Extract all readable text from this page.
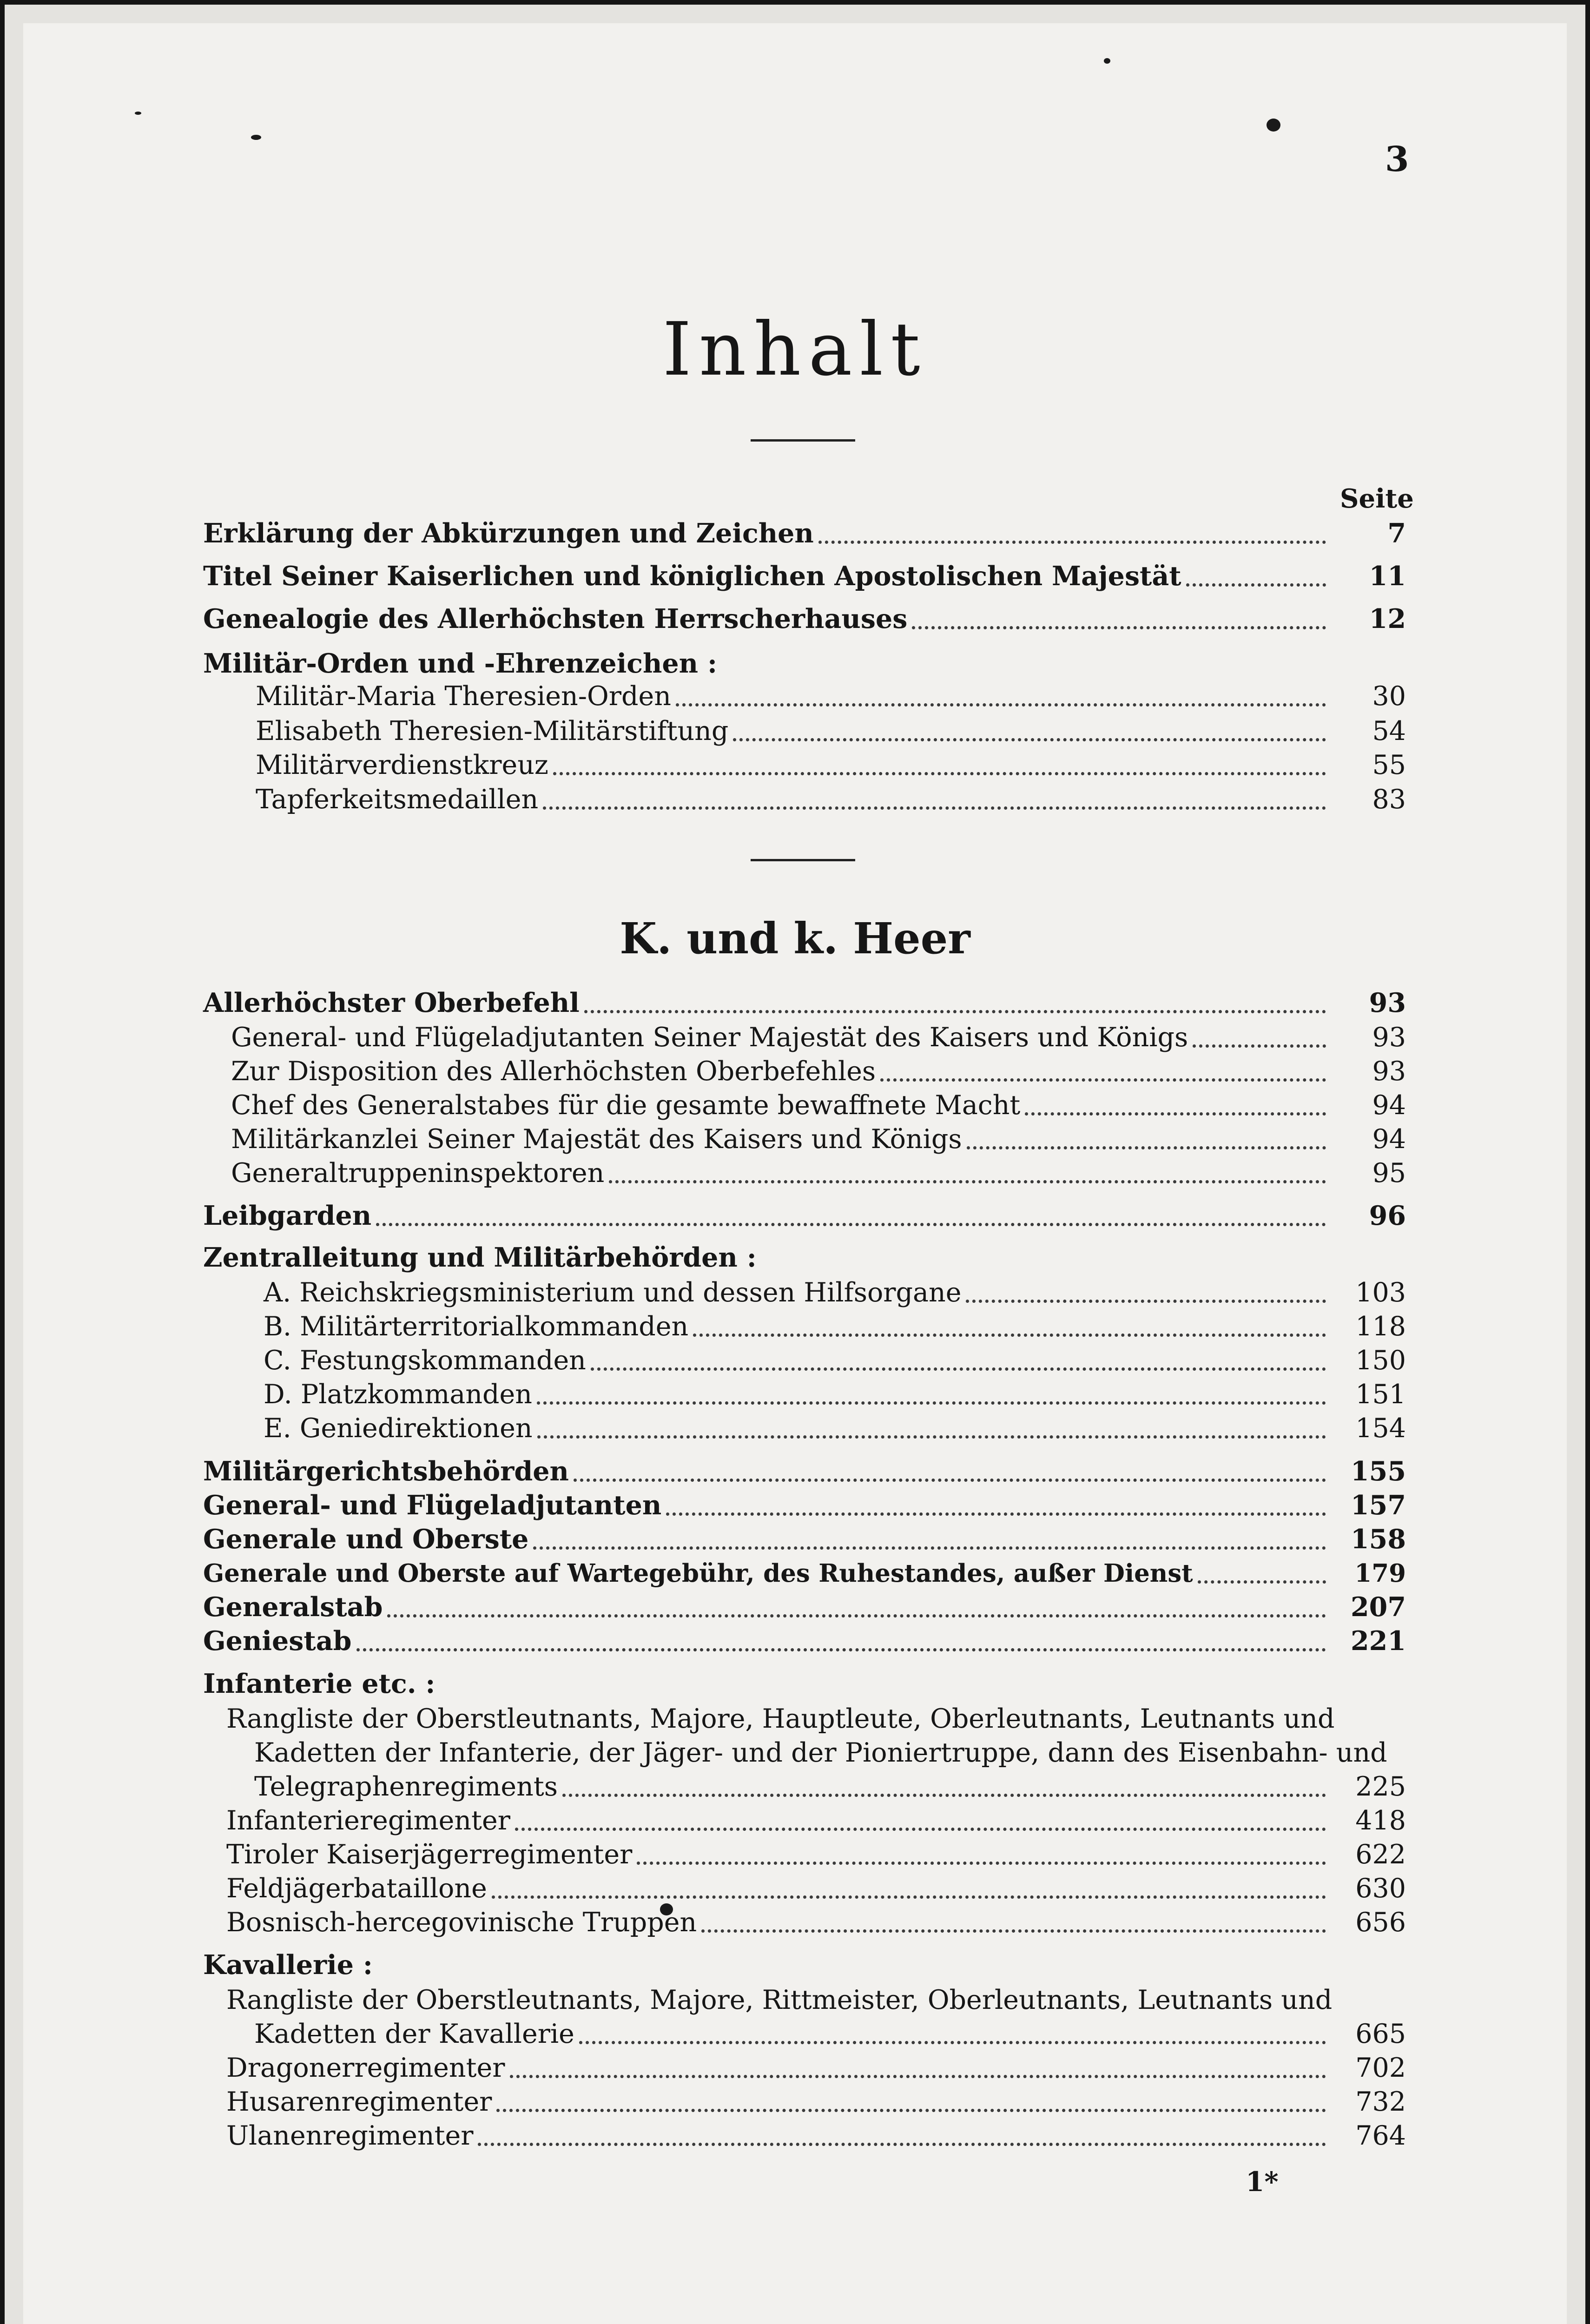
3
Inhalt
Seite
Erklärung der Abkürzungen und Zeichen	7
Titel Seiner Kaiserlichen und königlichen Apostolischen Majestät	11
Genealogie des Allerhöchsten Herrscherhauses	12
Militär-Orden und -Ehrenzeichen :
Militär-Maria Theresien-Orden	30
Elisabeth Theresien-Militärstiftung	54
Militärverdienstkreuz	55
Tapferkeitsmedaillen	83
K. und k. Heer
Allerhöchster Oberbefehl	93
General- und Flügeladjutanten Seiner Majestät des Kaisers und Königs	93
Zur Disposition des Allerhöchsten Oberbefehles	93
Chef des Generalstabes für die gesamte bewaffnete Macht	94
Militärkanzlei Seiner Majestät des Kaisers und Königs	94
Generaltruppeninspektoren	95
Leibgarden	96
Zentralleitung und Militärbehörden :
A. Reichskriegsministerium und dessen Hilfsorgane	103
B. Militärterritorialkommanden	118
C. Festungskommanden	150
D. Platzkommanden	151
E. Geniedirektionen	154
Militärgerichtsbehörden	155
General- und Flügeladjutanten	157
Generale und Oberste	158
Generale und Oberste auf Wartegebühr, des Ruhestandes, außer Dienst	179
Generalstab	207
Geniestab	221
Infanterie etc. :
Rangliste der Oberstleutnants, Majore, Hauptleute, Oberleutnants, Leutnants und
Kadetten der Infanterie, der Jäger- und der Pioniertruppe, dann des Eisenbahn- und
Telegraphenregiments	225
Infanterieregimenter	418
Tiroler Kaiserjägerregimenter	622
Feldjägerbataillone	630
Bosnisch-hercegovinische Truppen	656
Kavallerie :
Rangliste der Oberstleutnants, Majore, Rittmeister, Oberleutnants, Leutnants und
Kadetten der Kavallerie	665
Dragonerregimenter	702
Husarenregimenter	732
Ulanenregimenter	764
1*
